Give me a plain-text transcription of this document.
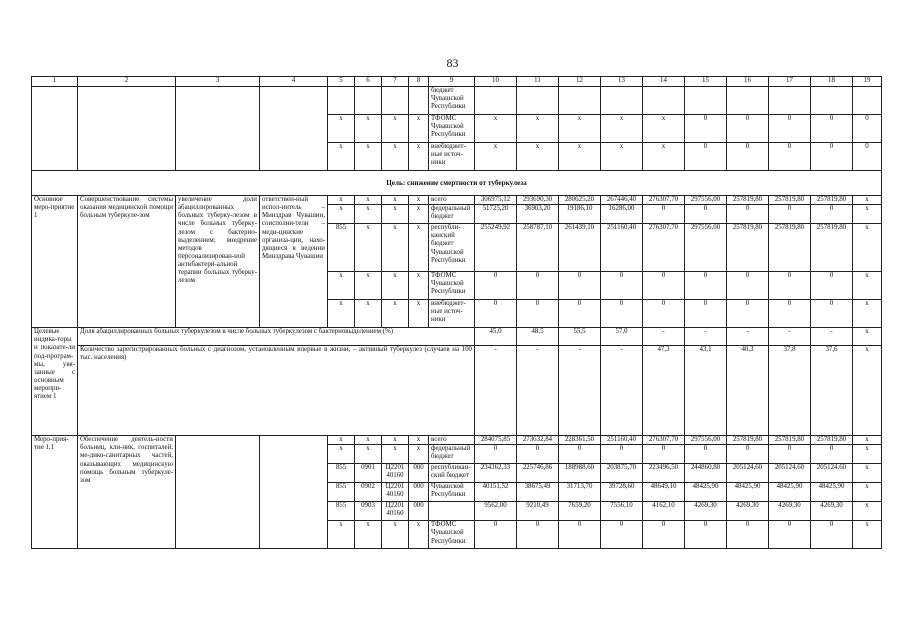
83
1	2	3	4	5	6	7	8	9	10	11	12	13	14	15	16	17	18	19
								бюджет Чувашской Республики										
				x	x	x	x	ТФОМС Чувашской Республики	x	x	x	x	x	0	0	0	0	0
				x	x	x	x	внебюджет-ные источ-ники	x	x	x	x	x	0	0	0	0	0
Цель: снижение смертности от туберкулеза																		
Основное меро-приятие 1	Совершенствование системы оказания медицинской помощи больным туберкуле-зом	увеличение доли абациллированных больных туберку-лезом в числе больных туберку-лезом с бактерио-выделением; внедрение методов персонализирован-ной антибактери-альной терапии больных туберку-лезом	ответствен-ный испол-нитель – Минздрав Чувашии, соисполни-тели – меди-цинские организа-ции, нахо-дящиеся в ведении Минздрава Чувашии	x	x	x	x	всего	306975,12	293690,30	280625,20	267446,40	276307,70	297556,00	257819,80	257819,80	257819,80	x
				x	x	x	x	федеральный бюджет	51725,20	36903,20	19186,10	16286,00	0	0	0	0	0	x
				855	x	x	x	республи-канский бюджет Чувашской Республики	255249,92	258787,10	261439,10	251160,40	276307,70	297556,00	257819,80	257819,80	257819,80	x
				x	x	x	x	ТФОМС Чувашской Республики	0	0	0	0	0	0	0	0	0	x
				x	x	x	x	внебюджет-ные источ-ники	0	0	0	0	0	0	0	0	0	x
Целевые индика-торы и показате-ли под-програм-мы, увя-занные с основным меропри-ятием 1	Доля абациллированных больных туберкулезом в числе больных туберкулезом с бактериовыделением (%)								45,0	48,5	55,5	57,0	-	-	-	-	-	x
	Количество зарегистрированных больных с диагнозом, установленным впервые в жизни, – активный туберкулез (случаев на 100 тыс. населения)								-	-	-	-	47,3	43,1	40,3	37,8	37,6	x
Меро-прия-тие 1.1	Обеспечение деятель-ности больниц, кли-ник, госпиталей, ме-дико-санитарных частей, оказывающих медицинскую помощь больным туберкуле-зом			x	x	x	x	всего	284075,85	273632,84	228361,50	251160,40	276307,70	297556,00	257819,80	257819,80	257819,80	x
				x	x	x	x	федеральный бюджет	0	0	0	0	0	0	0	0	0	x
				855	0901	Ц2201 40160	000	республикан-ский бюджет	234362,33	225746,86	188988,60	203875,70	223496,50	244860,80	205124,60	205124,60	205124,60	x
				855	0902	Ц2201 40160	000	Чувашской Республики	40151,52	38675,49	31713,70	39728,60	48649,10	48425,90	48425,90	48425,90	48425,90	x
				855	0903	Ц2201 40160	000		9562,00	9210,49	7659,20	7556,10	4162,10	4269,30	4269,30	4269,30	4269,30	x
				x	x	x	x	ТФОМС Чувашской Республики	0	0	0	0	0	0	0	0	0	x
